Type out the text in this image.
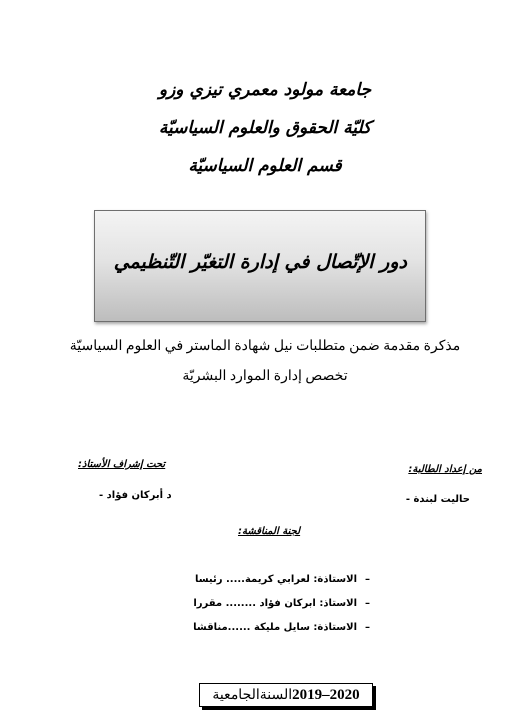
جامعة مولود معمري تيزي وزو
كليّة الحقوق والعلوم السياسيّة
قسم العلوم السياسيّة
دور الإتّصال في إدارة التغيّر التّنظيمي
مذكرة مقدمة ضمن متطلبات نيل شهادة الماستر في العلوم السياسيّة
تخصص إدارة الموارد البشريّة
من إعداد الطالبة:
حاليت لبندة -
تحت إشراف الأستاذ:
د أبركان فؤاد -
لجنة المناقشة:
–الاستاذة: لعرابي كريمة..... رئيسا
–الاستاذ: ابركان فؤاد ........ مقررا
–الاستاذة: سايل مليكة ......مناقشا
السنةالجامعية2019–2020
